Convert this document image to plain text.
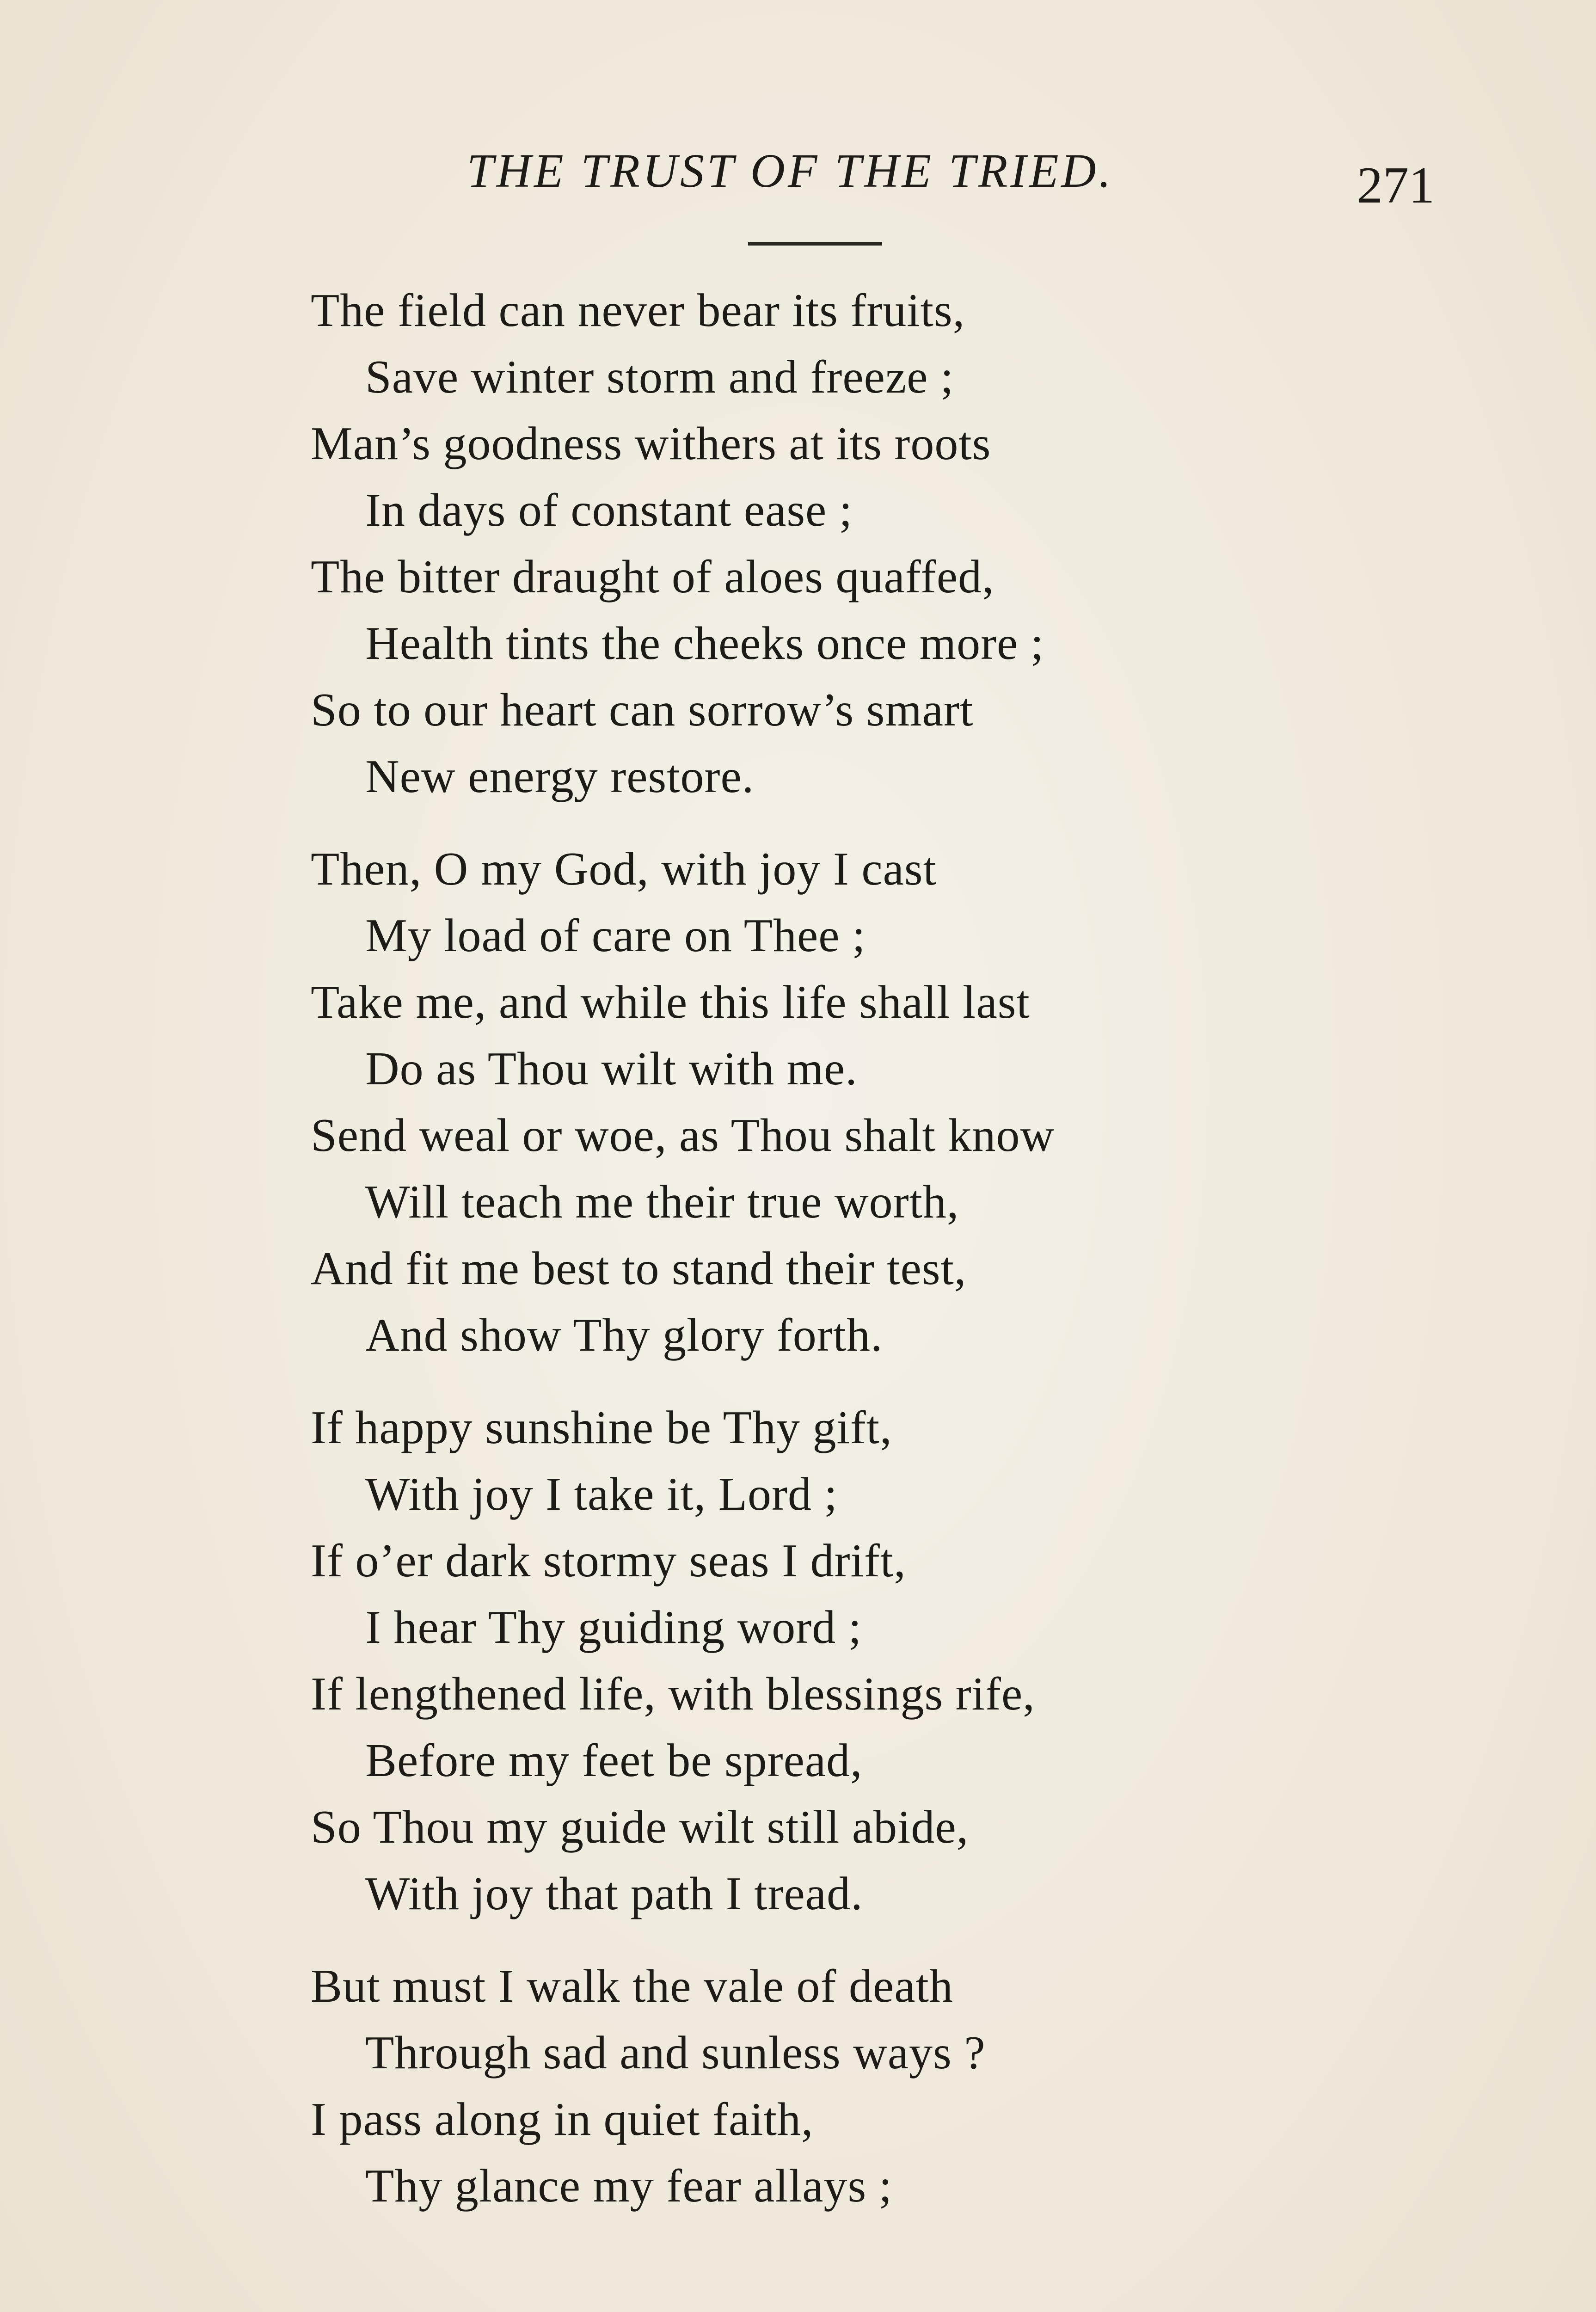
THE TRUST OF THE TRIED.	271
The field can never bear its fruits,
Save winter storm and freeze ;
Man’s goodness withers at its roots
In days of constant ease ;
The bitter draught of aloes quaffed,
Health tints the cheeks once more ;
So to our heart can sorrow’s smart
New energy restore.
Then, O my God, with joy I cast
My load of care on Thee ;
Take me, and while this life shall last
Do as Thou wilt with me.
Send weal or woe, as Thou shalt know
Will teach me their true worth,
And fit me best to stand their test,
And show Thy glory forth.
If happy sunshine be Thy gift,
With joy I take it, Lord ;
If o’er dark stormy seas I drift,
I hear Thy guiding word ;
If lengthened life, with blessings rife,
Before my feet be spread,
So Thou my guide wilt still abide,
With joy that path I tread.
But must I walk the vale of death
Through sad and sunless ways ?
I pass along in quiet faith,
Thy glance my fear allays ;
